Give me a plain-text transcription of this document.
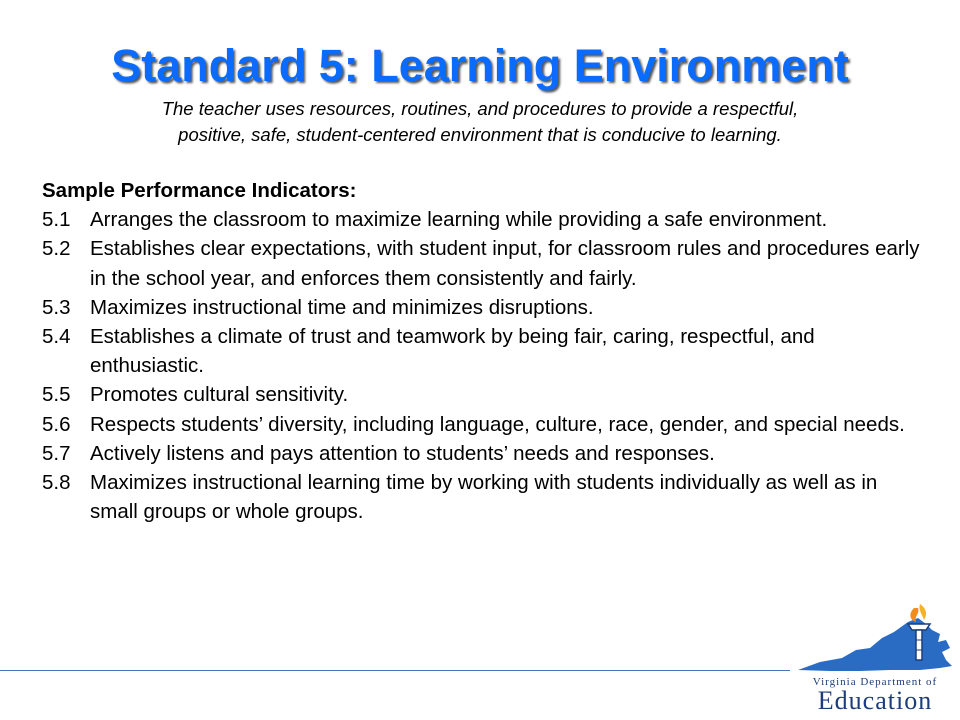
Standard 5: Learning Environment
The teacher uses resources, routines, and procedures to provide a respectful,
positive, safe, student-centered environment that is conducive to learning.
Sample Performance Indicators:
5.1 Arranges the classroom to maximize learning while providing a safe environment.
5.2 Establishes clear expectations, with student input, for classroom rules and procedures early in the school year, and enforces them consistently and fairly.
5.3 Maximizes instructional time and minimizes disruptions.
5.4 Establishes a climate of trust and teamwork by being fair, caring, respectful, and enthusiastic.
5.5 Promotes cultural sensitivity.
5.6 Respects students’ diversity, including language, culture, race, gender, and special needs.
5.7 Actively listens and pays attention to students’ needs and responses.
5.8 Maximizes instructional learning time by working with students individually as well as in small groups or whole groups.
Virginia Department of
Education
